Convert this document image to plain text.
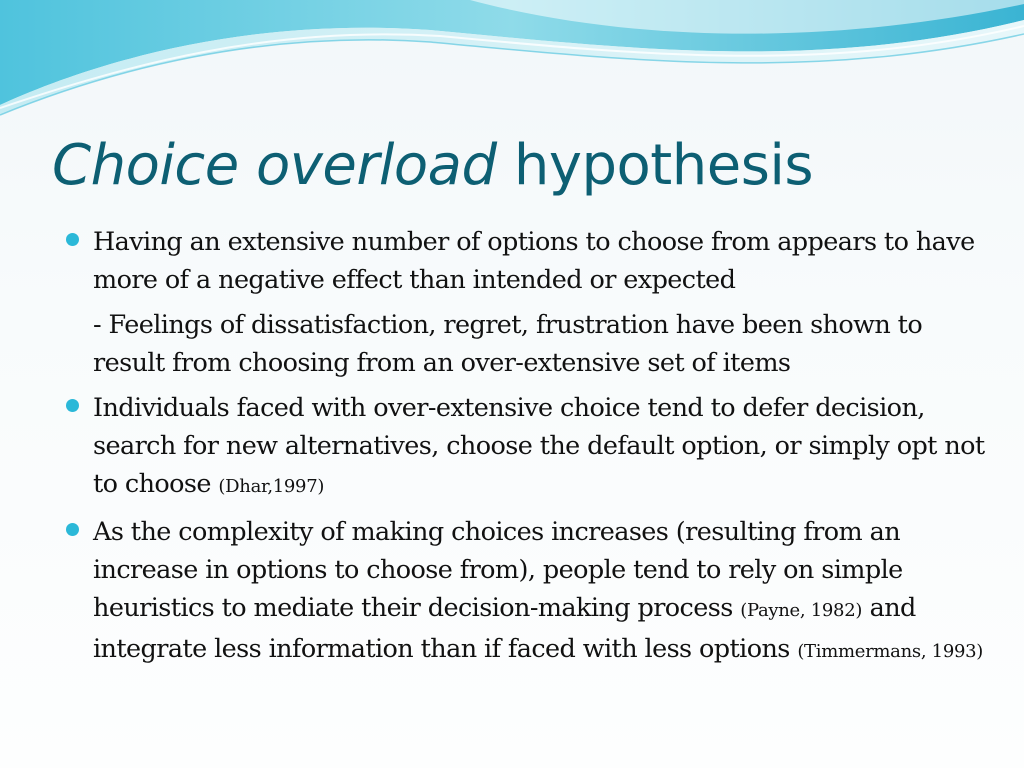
Choice overload hypothesis

Having an extensive number of options to choose from appears to have more of a negative effect than intended or expected

- Feelings of dissatisfaction, regret, frustration have been shown to result from choosing from an over-extensive set of items

Individuals faced with over-extensive choice tend to defer decision, search for new alternatives, choose the default option, or simply opt not to choose (Dhar,1997)

As the complexity of making choices increases (resulting from an increase in options to choose from), people tend to rely on simple heuristics to mediate their decision-making process (Payne, 1982) and integrate less information than if faced with less options (Timmermans, 1993)
